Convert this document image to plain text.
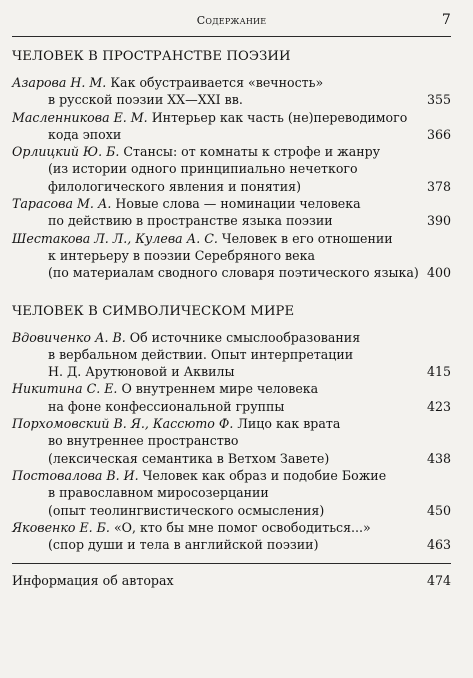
Содержание	7
ЧЕЛОВЕК В ПРОСТРАНСТВЕ ПОЭЗИИ
Азарова Н. М. Как обустраивается «вечность»
в русской поэзии XX—XXI вв.	355
Масленникова Е. М. Интерьер как часть (не)переводимого
кода эпохи	366
Орлицкий Ю. Б. Стансы: от комнаты к строфе и жанру
(из истории одного принципиально нечеткого
филологического явления и понятия)	378
Тарасова М. А. Новые слова — номинации человека
по действию в пространстве языка поэзии	390
Шестакова Л. Л., Кулева А. С. Человек в его отношении
к интерьеру в поэзии Серебряного века
(по материалам сводного словаря поэтического языка) 400
ЧЕЛОВЕК В СИМВОЛИЧЕСКОМ МИРЕ
Вдовиченко А. В. Об источнике смыслообразования
в вербальном действии. Опыт интерпретации
Н. Д. Арутюновой и Аквилы	415
Никитина С. Е. О внутреннем мире человека
на фоне конфессиональной группы	423
Порхомовский В. Я., Кассюто Ф. Лицо как врата
во внутреннее пространство
(лексическая семантика в Ветхом Завете)	438
Постовалова В. И. Человек как образ и подобие Божие
в православном миросозерцании
(опыт теолингвистического осмысления)	450
Яковенко Е. Б. «О, кто бы мне помог освободиться...»
(спор души и тела в английской поэзии)	463
Информация об авторах	474
